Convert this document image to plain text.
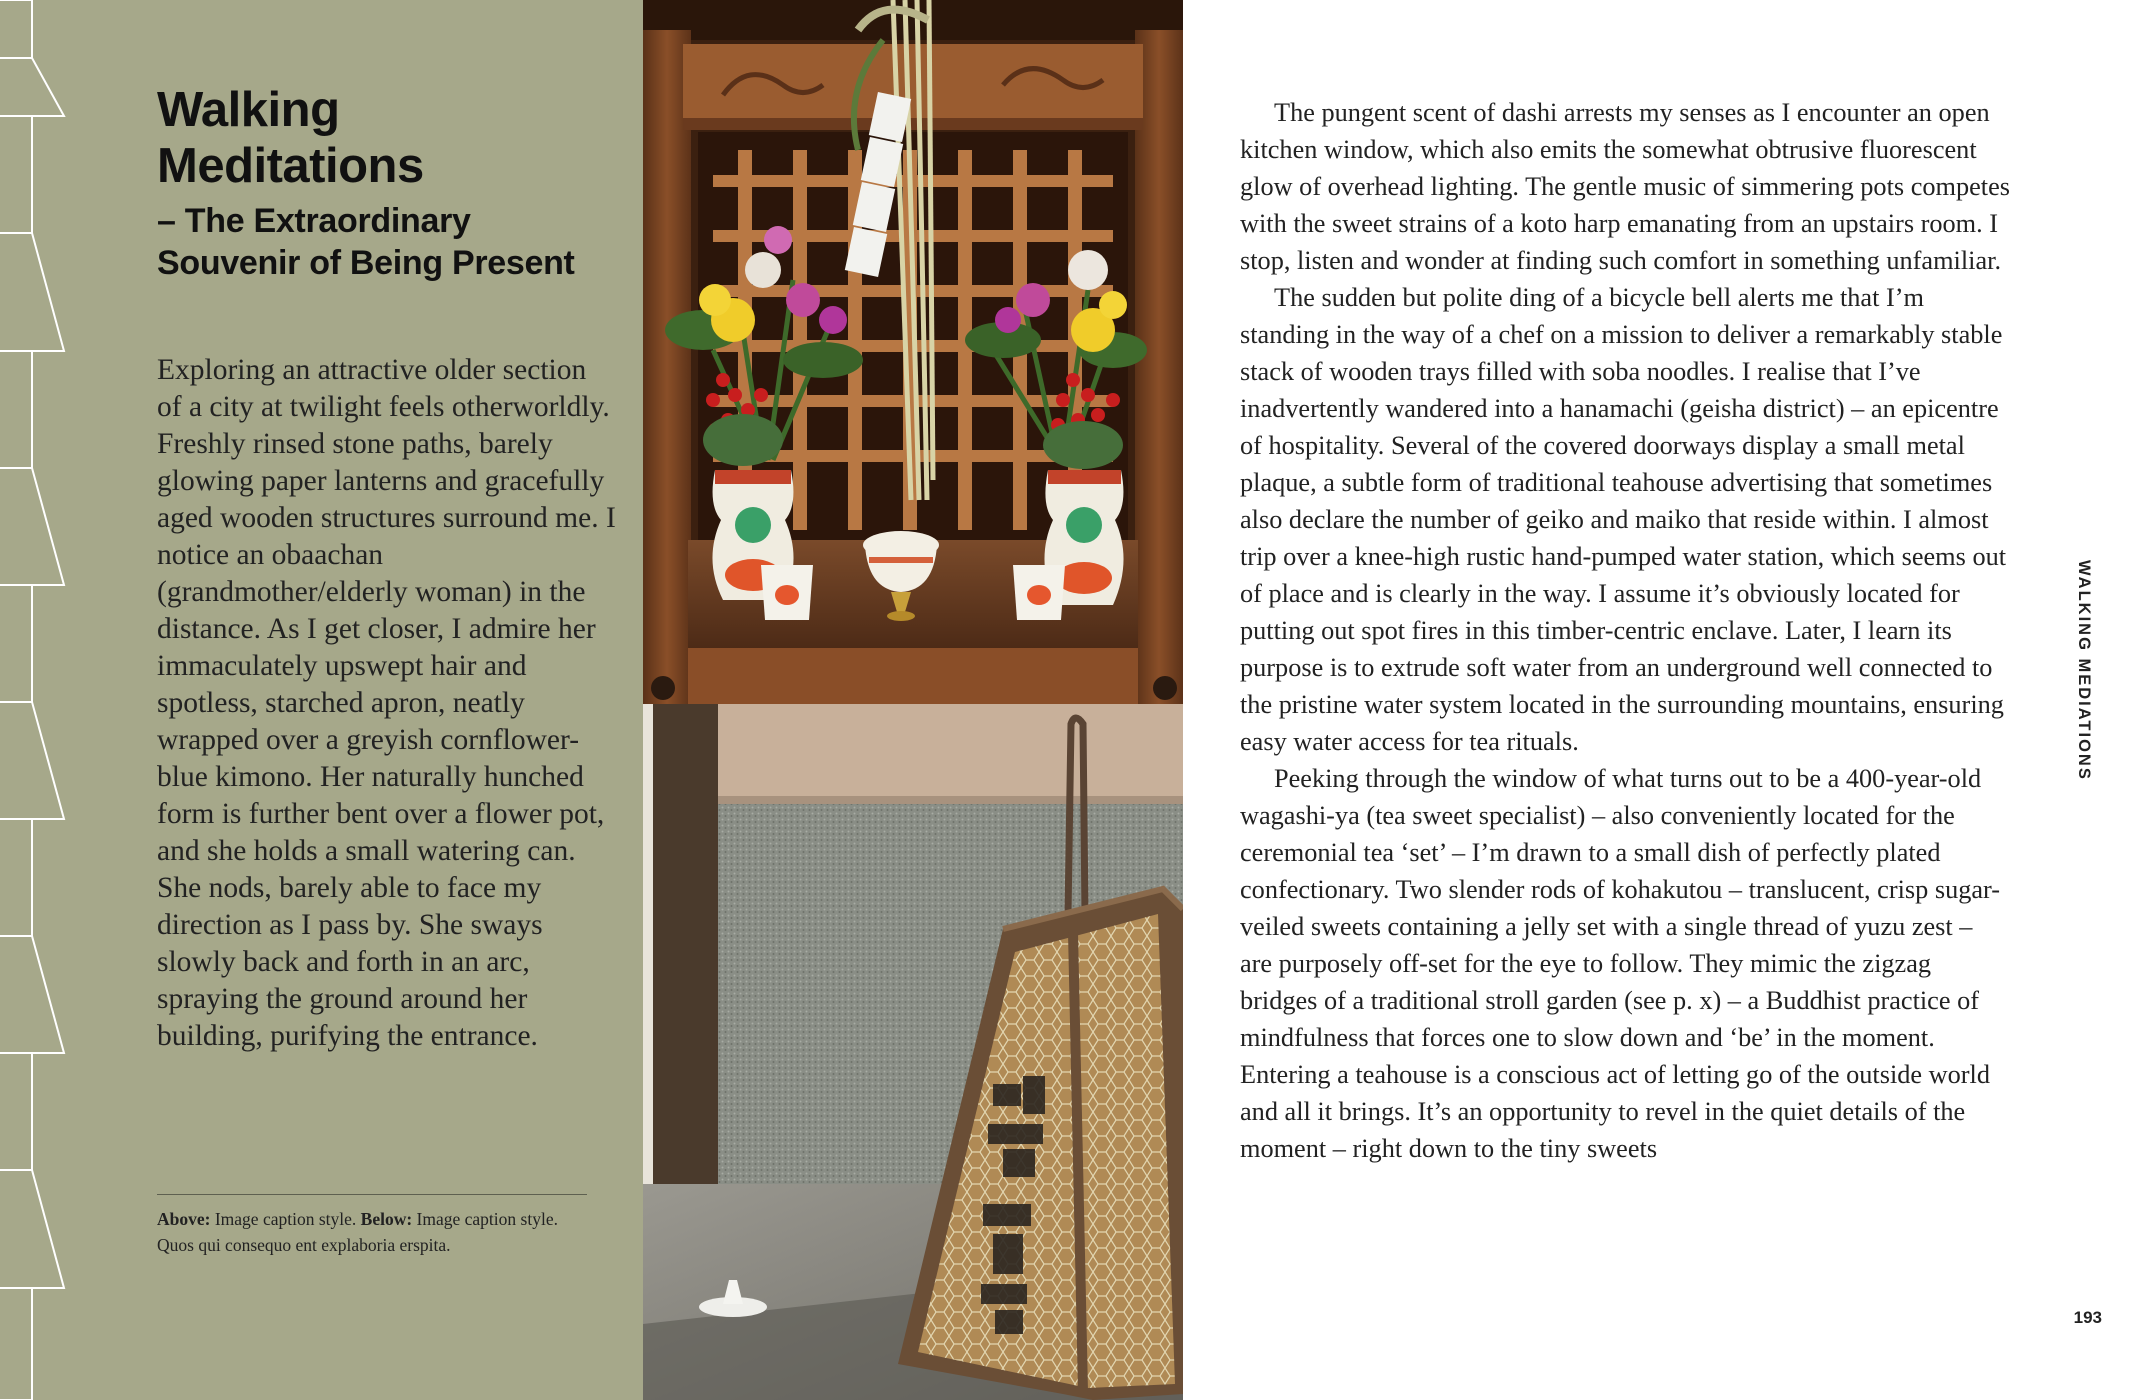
Walking
Meditations
– The Extraordinary
Souvenir of Being Present

Exploring an attractive older section of a city at twilight feels otherworldly. Freshly rinsed stone paths, barely glowing paper lanterns and gracefully aged wooden structures surround me. I notice an obaachan (grandmother/elderly woman) in the distance. As I get closer, I admire her immaculately upswept hair and spotless, starched apron, neatly wrapped over a greyish cornflower-blue kimono. Her naturally hunched form is further bent over a flower pot, and she holds a small watering can. She nods, barely able to face my direction as I pass by. She sways slowly back and forth in an arc, spraying the ground around her building, purifying the entrance.

Above: Image caption style. Below: Image caption style. Quos qui consequo ent explaboria erspita.

The pungent scent of dashi arrests my senses as I encounter an open kitchen window, which also emits the somewhat obtrusive fluorescent glow of overhead lighting. The gentle music of simmering pots competes with the sweet strains of a koto harp emanating from an upstairs room. I stop, listen and wonder at finding such comfort in something unfamiliar.

The sudden but polite ding of a bicycle bell alerts me that I’m standing in the way of a chef on a mission to deliver a remarkably stable stack of wooden trays filled with soba noodles. I realise that I’ve inadvertently wandered into a hanamachi (geisha district) – an epicentre of hospitality. Several of the covered doorways display a small metal plaque, a subtle form of traditional teahouse advertising that sometimes also declare the number of geiko and maiko that reside within. I almost trip over a knee-high rustic hand-pumped water station, which seems out of place and is clearly in the way. I assume it’s obviously located for putting out spot fires in this timber-centric enclave. Later, I learn its purpose is to extrude soft water from an underground well connected to the pristine water system located in the surrounding mountains, ensuring easy water access for tea rituals.

Peeking through the window of what turns out to be a 400-year-old wagashi-ya (tea sweet specialist) – also conveniently located for the ceremonial tea ‘set’ – I’m drawn to a small dish of perfectly plated confectionary. Two slender rods of kohakutou – translucent, crisp sugar-veiled sweets containing a jelly set with a single thread of yuzu zest – are purposely off-set for the eye to follow. They mimic the zigzag bridges of a traditional stroll garden (see p. x) – a Buddhist practice of mindfulness that forces one to slow down and ‘be’ in the moment. Entering a teahouse is a conscious act of letting go of the outside world and all it brings. It’s an opportunity to revel in the quiet details of the moment – right down to the tiny sweets

WALKING MEDIATIONS
193
